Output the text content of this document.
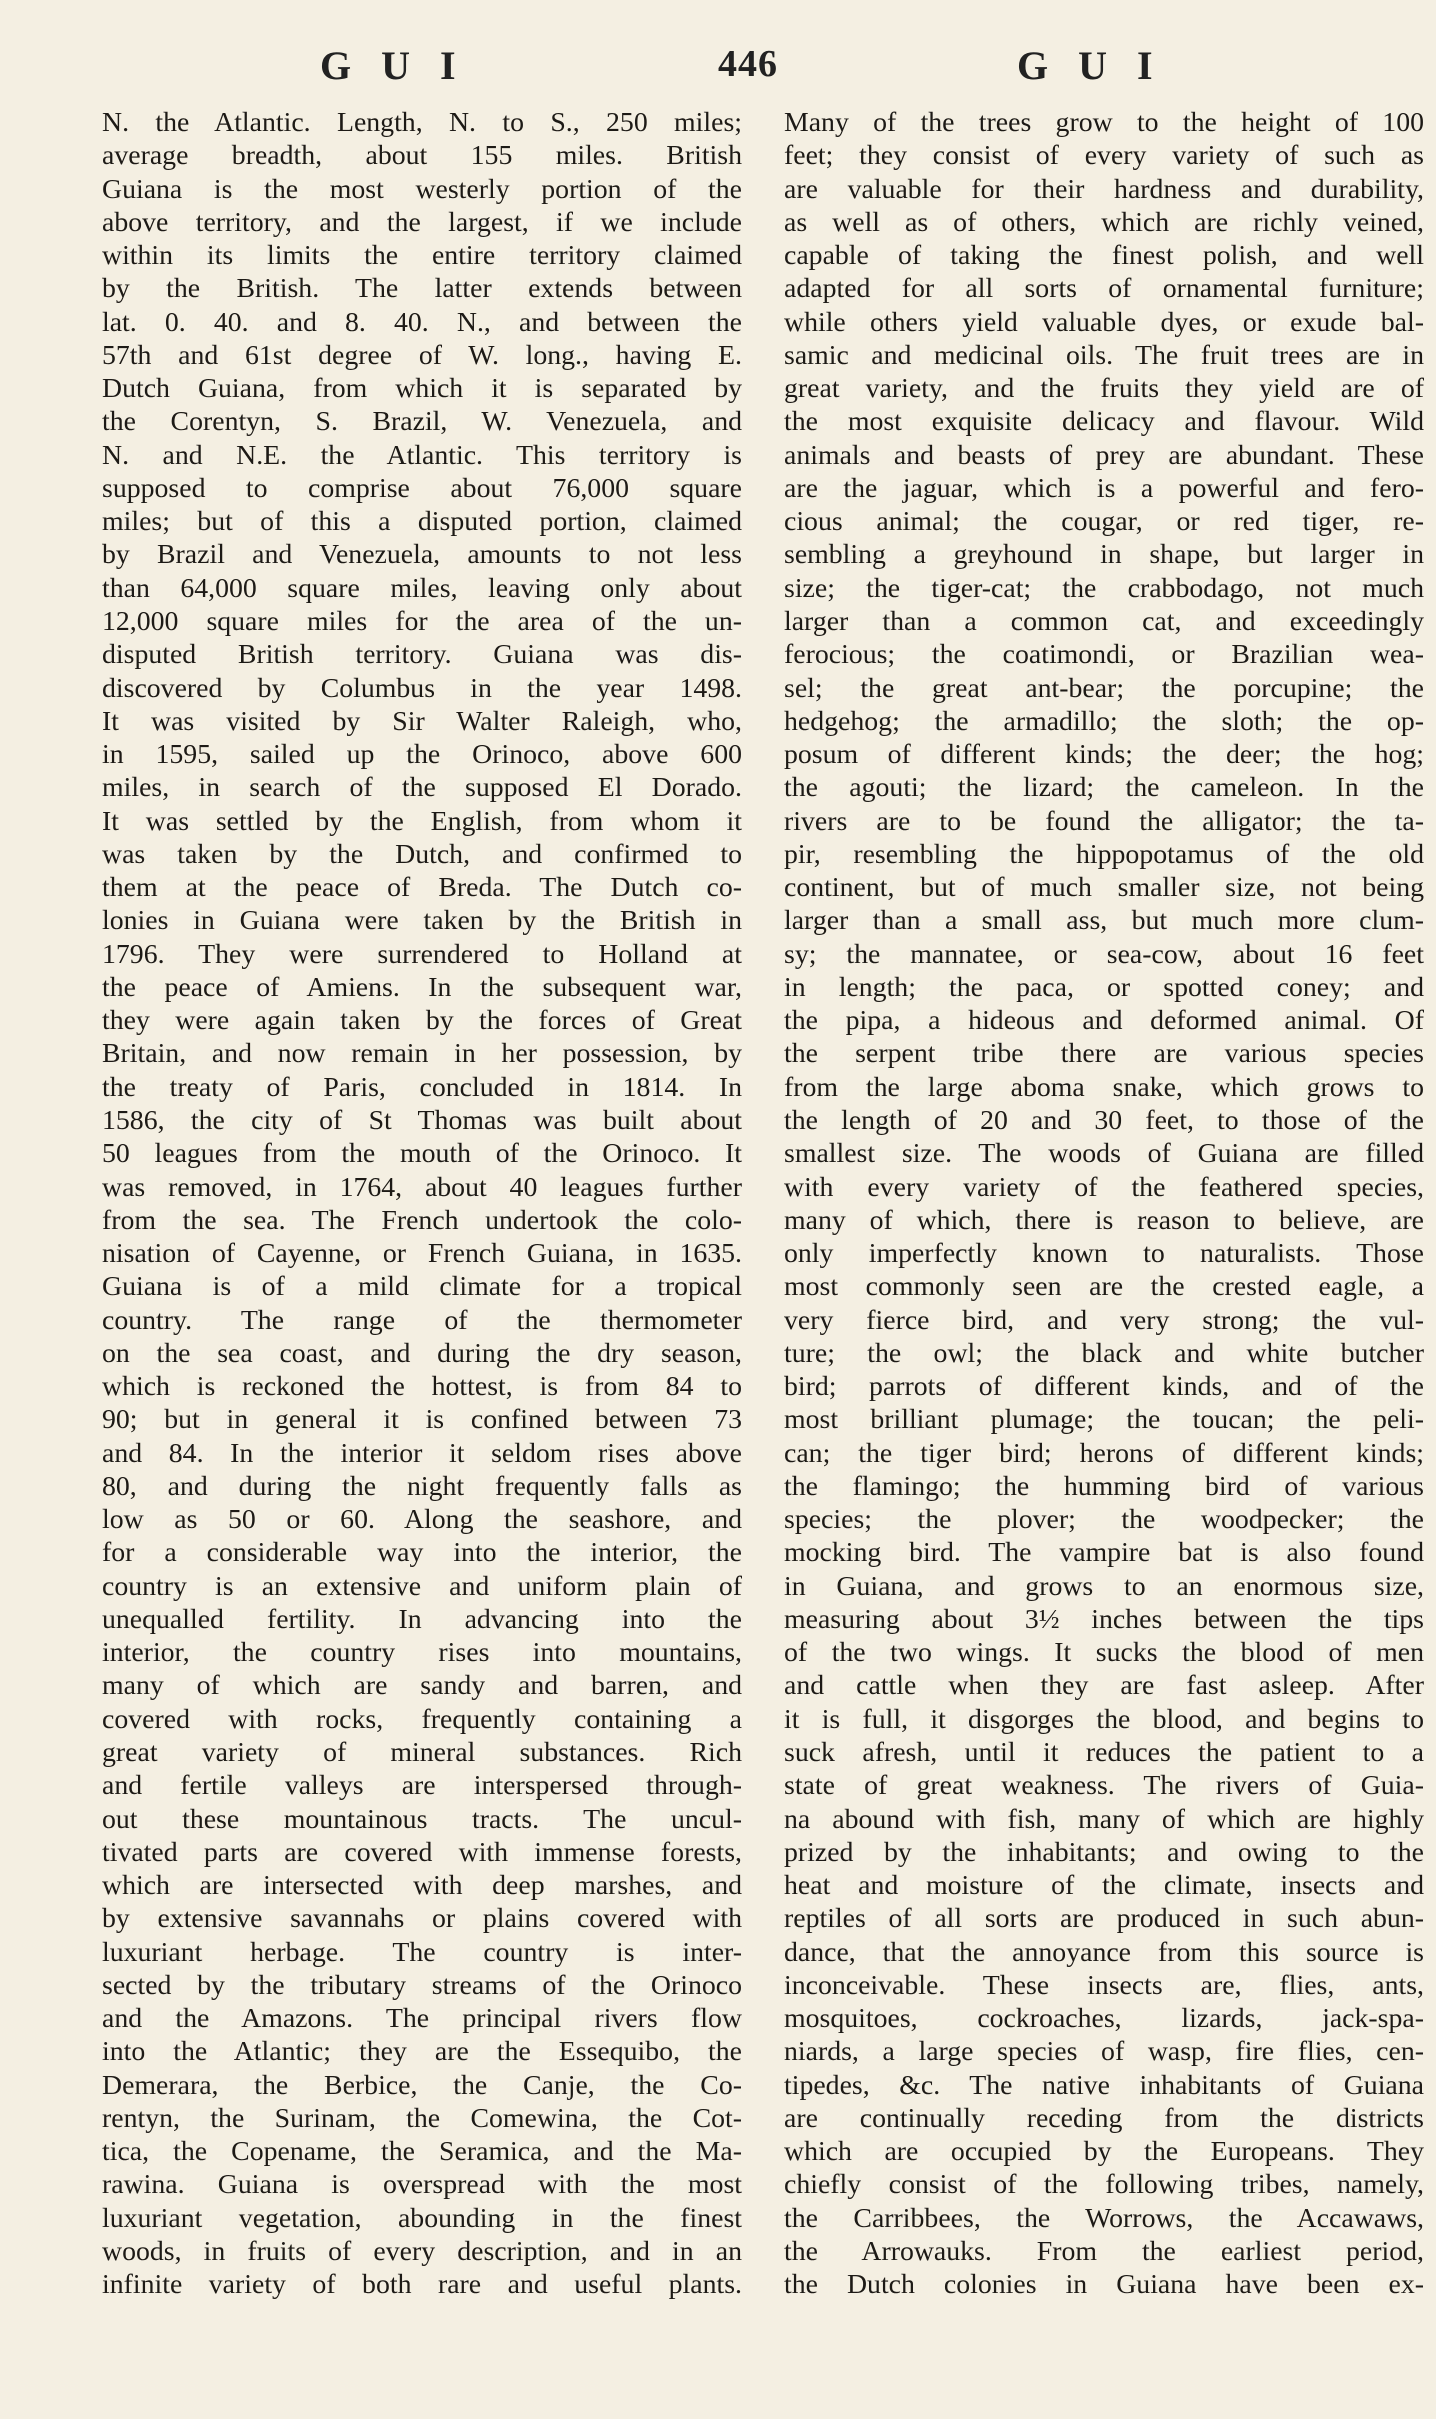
GUI	446	GUI
N. the Atlantic. Length, N. to S., 250 miles;
average breadth, about 155 miles. British
Guiana is the most westerly portion of the
above territory, and the largest, if we include
within its limits the entire territory claimed
by the British. The latter extends between
lat. 0. 40. and 8. 40. N., and between the
57th and 61st degree of W. long., having E.
Dutch Guiana, from which it is separated by
the Corentyn, S. Brazil, W. Venezuela, and
N. and N.E. the Atlantic. This territory is
supposed to comprise about 76,000 square
miles; but of this a disputed portion, claimed
by Brazil and Venezuela, amounts to not less
than 64,000 square miles, leaving only about
12,000 square miles for the area of the un-
disputed British territory. Guiana was dis-
discovered by Columbus in the year 1498.
It was visited by Sir Walter Raleigh, who,
in 1595, sailed up the Orinoco, above 600
miles, in search of the supposed El Dorado.
It was settled by the English, from whom it
was taken by the Dutch, and confirmed to
them at the peace of Breda. The Dutch co-
lonies in Guiana were taken by the British in
1796. They were surrendered to Holland at
the peace of Amiens. In the subsequent war,
they were again taken by the forces of Great
Britain, and now remain in her possession, by
the treaty of Paris, concluded in 1814. In
1586, the city of St Thomas was built about
50 leagues from the mouth of the Orinoco. It
was removed, in 1764, about 40 leagues further
from the sea. The French undertook the colo-
nisation of Cayenne, or French Guiana, in 1635.
Guiana is of a mild climate for a tropical
country. The range of the thermometer
on the sea coast, and during the dry season,
which is reckoned the hottest, is from 84 to
90; but in general it is confined between 73
and 84. In the interior it seldom rises above
80, and during the night frequently falls as
low as 50 or 60. Along the seashore, and
for a considerable way into the interior, the
country is an extensive and uniform plain of
unequalled fertility. In advancing into the
interior, the country rises into mountains,
many of which are sandy and barren, and
covered with rocks, frequently containing a
great variety of mineral substances. Rich
and fertile valleys are interspersed through-
out these mountainous tracts. The uncul-
tivated parts are covered with immense forests,
which are intersected with deep marshes, and
by extensive savannahs or plains covered with
luxuriant herbage. The country is inter-
sected by the tributary streams of the Orinoco
and the Amazons. The principal rivers flow
into the Atlantic; they are the Essequibo, the
Demerara, the Berbice, the Canje, the Co-
rentyn, the Surinam, the Comewina, the Cot-
tica, the Copename, the Seramica, and the Ma-
rawina. Guiana is overspread with the most
luxuriant vegetation, abounding in the finest
woods, in fruits of every description, and in an
infinite variety of both rare and useful plants.
Many of the trees grow to the height of 100
feet; they consist of every variety of such as
are valuable for their hardness and durability,
as well as of others, which are richly veined,
capable of taking the finest polish, and well
adapted for all sorts of ornamental furniture;
while others yield valuable dyes, or exude bal-
samic and medicinal oils. The fruit trees are in
great variety, and the fruits they yield are of
the most exquisite delicacy and flavour. Wild
animals and beasts of prey are abundant. These
are the jaguar, which is a powerful and fero-
cious animal; the cougar, or red tiger, re-
sembling a greyhound in shape, but larger in
size; the tiger-cat; the crabbodago, not much
larger than a common cat, and exceedingly
ferocious; the coatimondi, or Brazilian wea-
sel; the great ant-bear; the porcupine; the
hedgehog; the armadillo; the sloth; the op-
posum of different kinds; the deer; the hog;
the agouti; the lizard; the cameleon. In the
rivers are to be found the alligator; the ta-
pir, resembling the hippopotamus of the old
continent, but of much smaller size, not being
larger than a small ass, but much more clum-
sy; the mannatee, or sea-cow, about 16 feet
in length; the paca, or spotted coney; and
the pipa, a hideous and deformed animal. Of
the serpent tribe there are various species
from the large aboma snake, which grows to
the length of 20 and 30 feet, to those of the
smallest size. The woods of Guiana are filled
with every variety of the feathered species,
many of which, there is reason to believe, are
only imperfectly known to naturalists. Those
most commonly seen are the crested eagle, a
very fierce bird, and very strong; the vul-
ture; the owl; the black and white butcher
bird; parrots of different kinds, and of the
most brilliant plumage; the toucan; the peli-
can; the tiger bird; herons of different kinds;
the flamingo; the humming bird of various
species; the plover; the woodpecker; the
mocking bird. The vampire bat is also found
in Guiana, and grows to an enormous size,
measuring about 3½ inches between the tips
of the two wings. It sucks the blood of men
and cattle when they are fast asleep. After
it is full, it disgorges the blood, and begins to
suck afresh, until it reduces the patient to a
state of great weakness. The rivers of Guia-
na abound with fish, many of which are highly
prized by the inhabitants; and owing to the
heat and moisture of the climate, insects and
reptiles of all sorts are produced in such abun-
dance, that the annoyance from this source is
inconceivable. These insects are, flies, ants,
mosquitoes, cockroaches, lizards, jack-spa-
niards, a large species of wasp, fire flies, cen-
tipedes, &c. The native inhabitants of Guiana
are continually receding from the districts
which are occupied by the Europeans. They
chiefly consist of the following tribes, namely,
the Carribbees, the Worrows, the Accawaws,
the Arrowauks. From the earliest period,
the Dutch colonies in Guiana have been ex-
